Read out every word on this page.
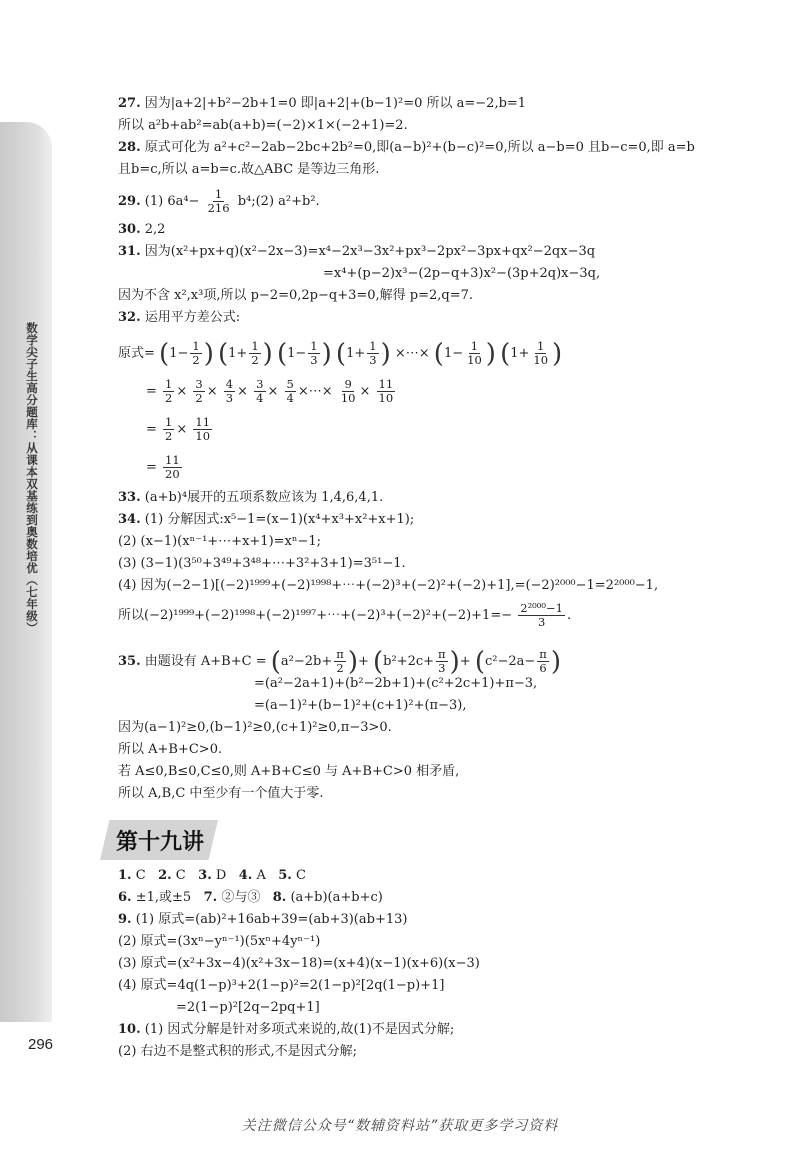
数学尖子生高分题库：从课本双基练到奥数培优（七年级）
296
27. 因为|a+2|+b²−2b+1=0 即|a+2|+(b−1)²=0 所以 a=−2,b=1
所以 a²b+ab²=ab(a+b)=(−2)×1×(−2+1)=2.
28. 原式可化为 a²+c²−2ab−2bc+2b²=0,即(a−b)²+(b−c)²=0,所以 a−b=0 且b−c=0,即 a=b
且b=c,所以 a=b=c.故△ABC 是等边三角形.
29. (1) $6a^4- \frac{1}{216}$ b⁴;(2) a²+b².
30. 2,2
31. 因为(x²+px+q)(x²−2x−3)=x⁴−2x³−3x²+px³−2px²−3px+qx²−2qx−3q
=x⁴+(p−2)x³−(2p−q+3)x²−(3p+2q)x−3q,
因为不含 x²,x³项,所以 p−2=0,2p−q+3=0,解得 p=2,q=7.
32. 运用平方差公式:
原式= ($1- \frac{1}{2}$ ) ($1+ \frac{1}{2}$ ) ($1- \frac{1}{3}$ ) ($1+ \frac{1}{3}$ ) ×⋯× ($1- \frac{1}{10}$ ) ($1+ \frac{1}{10}$ )
= $\frac{1}{2} \times \frac{3}{2} \times \frac{4}{3} \times \frac{3}{4} \times \frac{5}{4}$ ×⋯× $\frac{9}{10} \times \frac{11}{10}$
= $\frac{1}{2} \times \frac{11}{10}$
= $\frac{11}{20}$
33. (a+b)⁴展开的五项系数应该为 1,4,6,4,1.
34. (1) 分解因式:x⁵−1=(x−1)(x⁴+x³+x²+x+1);
(2) (x−1)(xⁿ⁻¹+⋯+x+1)=xⁿ−1;
(3) (3−1)(3⁵⁰+3⁴⁹+3⁴⁸+⋯+3²+3+1)=3⁵¹−1.
(4) 因为(−2−1)[(−2)¹⁹⁹⁹+(−2)¹⁹⁹⁸+⋯+(−2)³+(−2)²+(−2)+1],=(−2)²⁰⁰⁰−1=2²⁰⁰⁰−1,
所以(−2)¹⁹⁹⁹+(−2)¹⁹⁹⁸+(−2)¹⁹⁹⁷+⋯+(−2)³+(−2)²+(−2)+1=− $\frac{\text{2²⁰⁰⁰−1}}{3}$ .
35. 由题设有 $A+B+C = (a^2-2b+ \frac{\pi}{2}$ )+ ($b^2+2c+ \frac{\pi}{3}$ )+ ($c^2-2a- \frac{\pi}{6}$ )
=(a²−2a+1)+(b²−2b+1)+(c²+2c+1)+π−3,
=(a−1)²+(b−1)²+(c+1)²+(π−3),
因为(a−1)²≥0,(b−1)²≥0,(c+1)²≥0,π−3>0.
所以 A+B+C>0.
若 A≤0,B≤0,C≤0,则 A+B+C≤0 与 A+B+C>0 相矛盾,
所以 A,B,C 中至少有一个值大于零.
1. C 2. C 3. D 4. A 5. C
6. ±1,或±5 7. ②与③ 8. (a+b)(a+b+c)
9. (1) 原式=(ab)²+16ab+39=(ab+3)(ab+13)
(2) 原式=(3xⁿ−yⁿ⁻¹)(5xⁿ+4yⁿ⁻¹)
(3) 原式=(x²+3x−4)(x²+3x−18)=(x+4)(x−1)(x+6)(x−3)
(4) 原式=4q(1−p)³+2(1−p)²=2(1−p)²[2q(1−p)+1]
=2(1−p)²[2q−2pq+1]
10. (1) 因式分解是针对多项式来说的,故(1)不是因式分解;
(2) 右边不是整式积的形式,不是因式分解;
第十九讲
关注微信公众号“数辅资料站”获取更多学习资料
